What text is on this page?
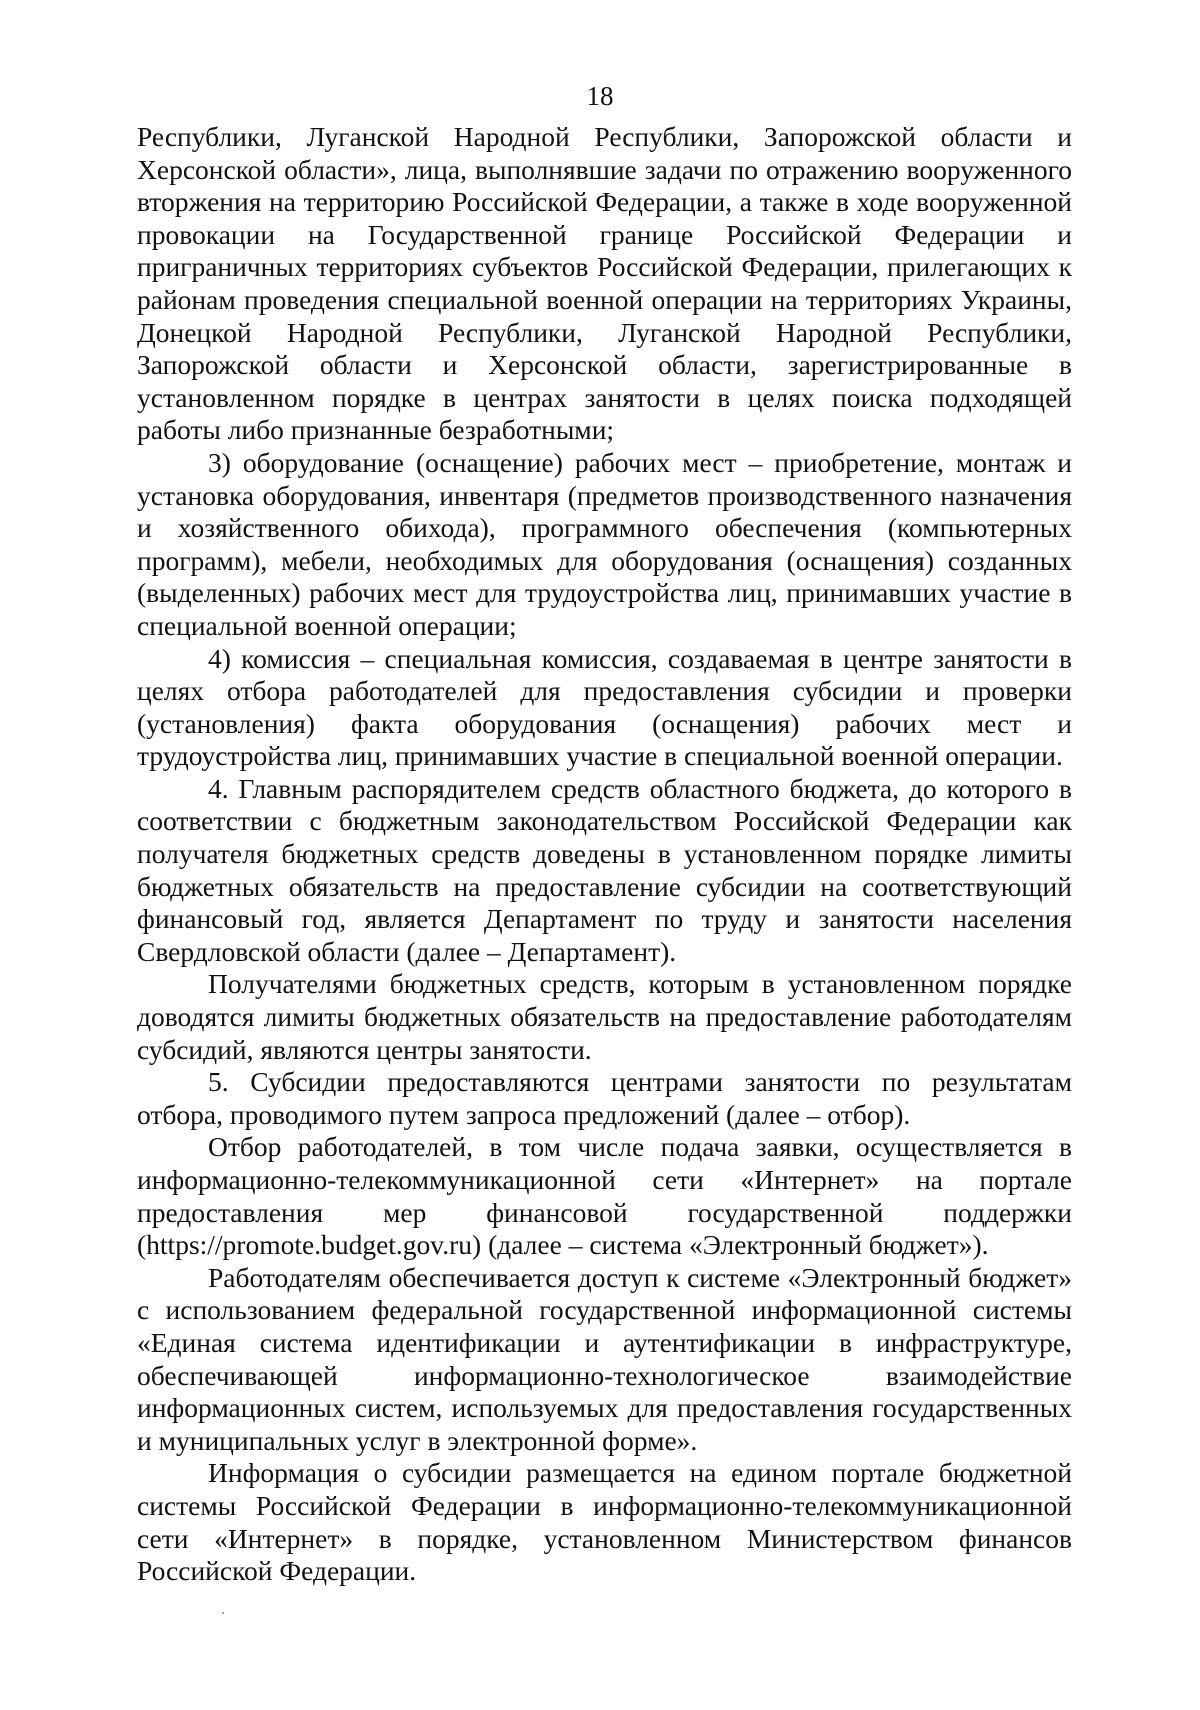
18

Республики, Луганской Народной Республики, Запорожской области и Херсонской области», лица, выполнявшие задачи по отражению вооруженного вторжения на территорию Российской Федерации, а также в ходе вооруженной провокации на Государственной границе Российской Федерации и приграничных территориях субъектов Российской Федерации, прилегающих к районам проведения специальной военной операции на территориях Украины, Донецкой Народной Республики, Луганской Народной Республики, Запорожской области и Херсонской области, зарегистрированные в установленном порядке в центрах занятости в целях поиска подходящей работы либо признанные безработными;

3) оборудование (оснащение) рабочих мест – приобретение, монтаж и установка оборудования, инвентаря (предметов производственного назначения и хозяйственного обихода), программного обеспечения (компьютерных программ), мебели, необходимых для оборудования (оснащения) созданных (выделенных) рабочих мест для трудоустройства лиц, принимавших участие в специальной военной операции;

4) комиссия – специальная комиссия, создаваемая в центре занятости в целях отбора работодателей для предоставления субсидии и проверки (установления) факта оборудования (оснащения) рабочих мест и трудоустройства лиц, принимавших участие в специальной военной операции.

4. Главным распорядителем средств областного бюджета, до которого в соответствии с бюджетным законодательством Российской Федерации как получателя бюджетных средств доведены в установленном порядке лимиты бюджетных обязательств на предоставление субсидии на соответствующий финансовый год, является Департамент по труду и занятости населения Свердловской области (далее – Департамент).

Получателями бюджетных средств, которым в установленном порядке доводятся лимиты бюджетных обязательств на предоставление работодателям субсидий, являются центры занятости.

5. Субсидии предоставляются центрами занятости по результатам отбора, проводимого путем запроса предложений (далее – отбор).

Отбор работодателей, в том числе подача заявки, осуществляется в информационно-телекоммуникационной сети «Интернет» на портале предоставления мер финансовой государственной поддержки (https://promote.budget.gov.ru) (далее – система «Электронный бюджет»).

Работодателям обеспечивается доступ к системе «Электронный бюджет» с использованием федеральной государственной информационной системы «Единая система идентификации и аутентификации в инфраструктуре, обеспечивающей информационно-технологическое взаимодействие информационных систем, используемых для предоставления государственных и муниципальных услуг в электронной форме».

Информация о субсидии размещается на едином портале бюджетной системы Российской Федерации в информационно-телекоммуникационной сети «Интернет» в порядке, установленном Министерством финансов Российской Федерации.
